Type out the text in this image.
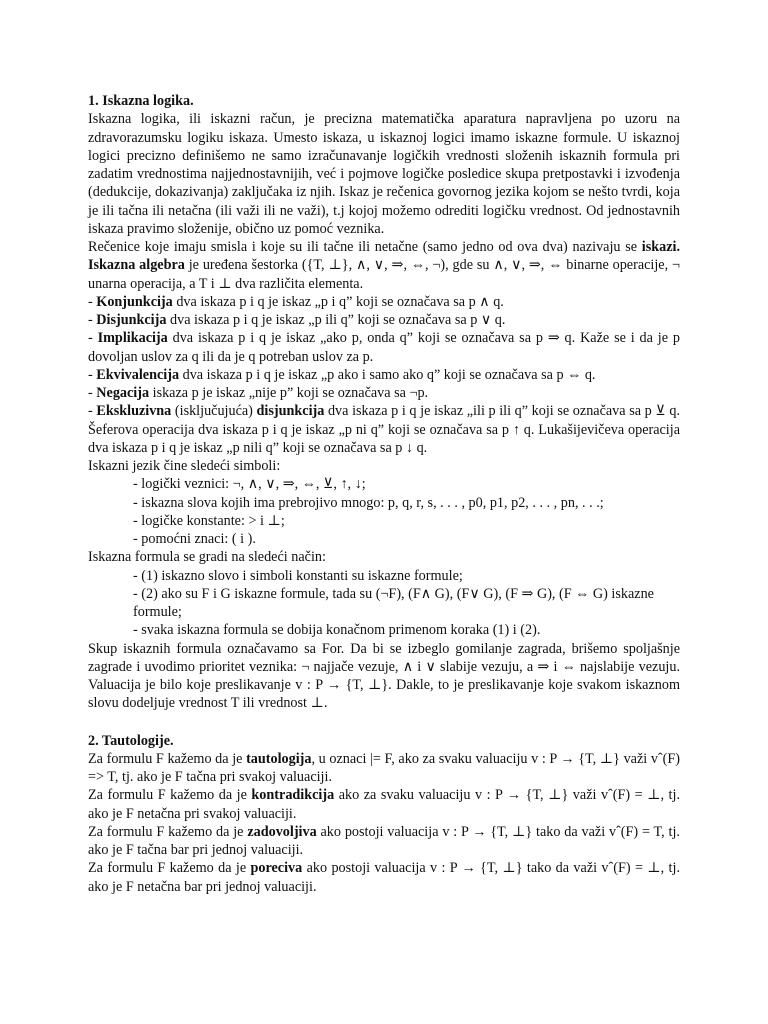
1. Iskazna logika.

Iskazna logika, ili iskazni račun, je precizna matematička aparatura napravljena po uzoru na zdravorazumsku logiku iskaza. Umesto iskaza, u iskaznoj logici imamo iskazne formule. U iskaznoj logici precizno definišemo ne samo izračunavanje logičkih vrednosti složenih iskaznih formula pri zadatim vrednostima najjednostavnijih, već i pojmove logičke posledice skupa pretpostavki i izvođenja (dedukcije, dokazivanja) zaključaka iz njih. Iskaz je rečenica govornog jezika kojom se nešto tvrdi, koja je ili tačna ili netačna (ili važi ili ne važi), t.j kojoj možemo odrediti logičku vrednost. Od jednostavnih iskaza pravimo složenije, obično uz pomoć veznika.

Rečenice koje imaju smisla i koje su ili tačne ili netačne (samo jedno od ova dva) nazivaju se iskazi. Iskazna algebra je uređena šestorka ({T, ⊥}, ∧, ∨, ⇒, ⇔, ¬), gde su ∧, ∨, ⇒, ⇔ binarne operacije, ¬ unarna operacija, a T i ⊥ dva različita elementa.

- Konjunkcija dva iskaza p i q je iskaz „p i q” koji se označava sa p ∧ q.

- Disjunkcija dva iskaza p i q je iskaz „p ili q” koji se označava sa p ∨ q.

- Implikacija dva iskaza p i q je iskaz „ako p, onda q” koji se označava sa p ⇒ q. Kaže se i da je p dovoljan uslov za q ili da je q potreban uslov za p.

- Ekvivalencija dva iskaza p i q je iskaz „p ako i samo ako q” koji se označava sa p ⇔ q.

- Negacija iskaza p je iskaz „nije p” koji se označava sa ¬p.

- Ekskluzivna (isključujuća) disjunkcija dva iskaza p i q je iskaz „ili p ili q” koji se označava sa p ⊻ q. Šeferova operacija dva iskaza p i q je iskaz „p ni q” koji se označava sa p ↑ q. Lukašijevičeva operacija dva iskaza p i q je iskaz „p nili q” koji se označava sa p ↓ q.

Iskazni jezik čine sledeći simboli:

- logički veznici: ¬, ∧, ∨, ⇒, ⇔, ⊻, ↑, ↓;

- iskazna slova kojih ima prebrojivo mnogo: p, q, r, s, . . . , p0, p1, p2, . . . , pn, . . .;

- logičke konstante: > i ⊥;

- pomoćni znaci: ( i ).

Iskazna formula se gradi na sledeći način:

- (1) iskazno slovo i simboli konstanti su iskazne formule;

- (2) ako su F i G iskazne formule, tada su (¬F), (F∧ G), (F∨ G), (F ⇒ G), (F ⇔ G) iskazne formule;

- svaka iskazna formula se dobija konačnom primenom koraka (1) i (2).

Skup iskaznih formula označavamo sa For. Da bi se izbeglo gomilanje zagrada, brišemo spoljašnje zagrade i uvodimo prioritet veznika: ¬ najjače vezuje, ∧ i ∨ slabije vezuju, a ⇒ i ⇔ najslabije vezuju. Valuacija je bilo koje preslikavanje v : P → {T, ⊥}. Dakle, to je preslikavanje koje svakom iskaznom slovu dodeljuje vrednost T ili vrednost ⊥.

2. Tautologije.

Za formulu F kažemo da je tautologija, u oznaci |= F, ako za svaku valuaciju v : P → {T, ⊥} važi vˆ(F) => T, tj. ako je F tačna pri svakoj valuaciji.

Za formulu F kažemo da je kontradikcija ako za svaku valuaciju v : P → {T, ⊥} važi vˆ(F) = ⊥, tj. ako je F netačna pri svakoj valuaciji.

Za formulu F kažemo da je zadovoljiva ako postoji valuacija v : P → {T, ⊥} tako da važi vˆ(F) = T, tj. ako je F tačna bar pri jednoj valuaciji.

Za formulu F kažemo da je poreciva ako postoji valuacija v : P → {T, ⊥} tako da važi vˆ(F) = ⊥, tj. ako je F netačna bar pri jednoj valuaciji.
